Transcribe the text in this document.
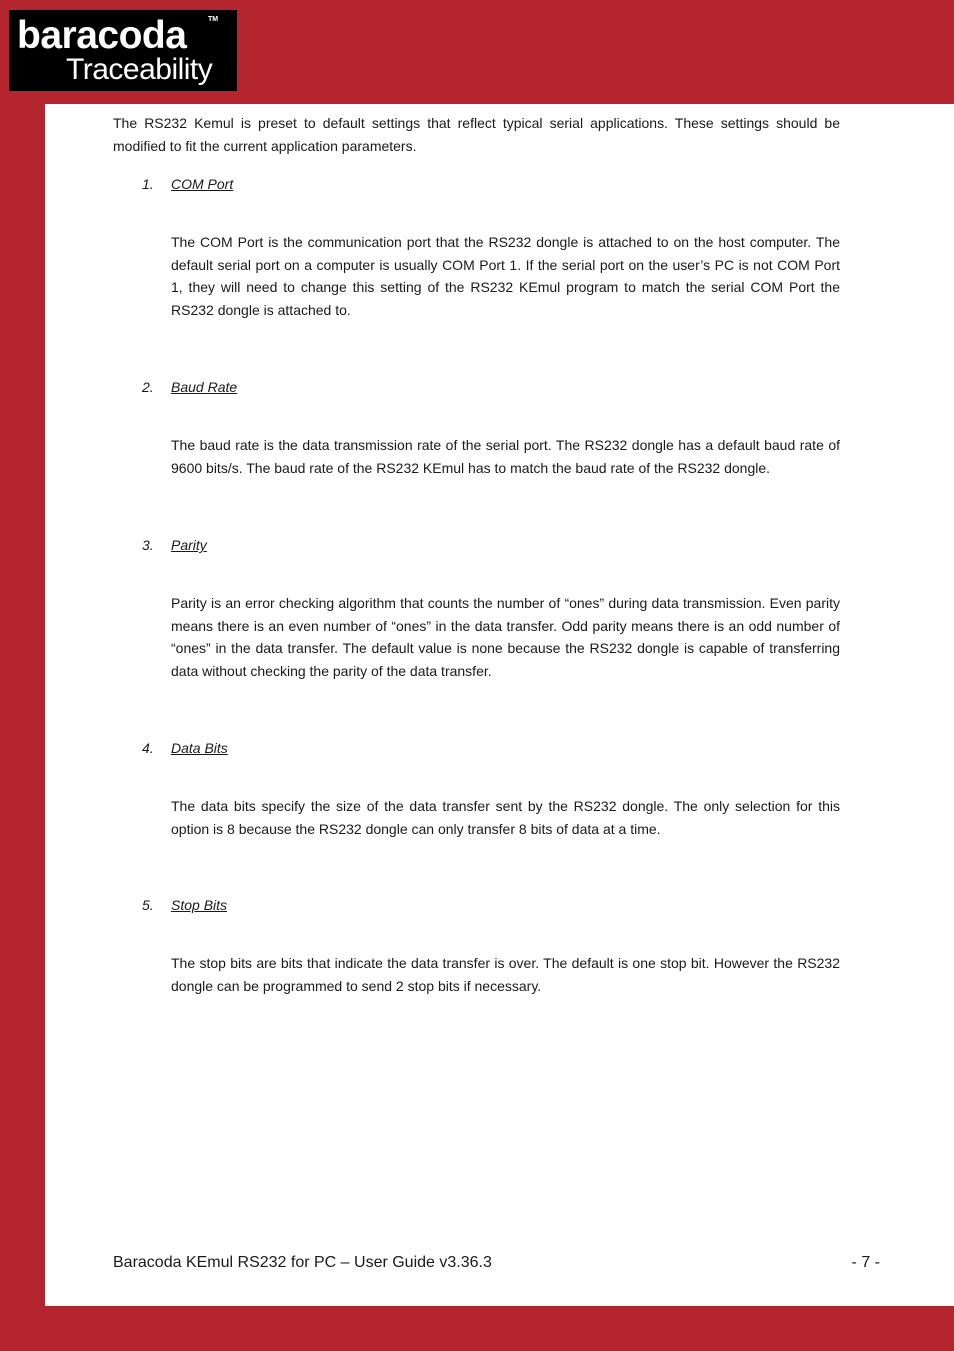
baracoda	TM
Traceability
The RS232 Kemul is preset to default settings that reflect typical serial applications. These settings should be modified to fit the current application parameters.
1. COM Port
The COM Port is the communication port that the RS232 dongle is attached to on the host computer. The default serial port on a computer is usually COM Port 1. If the serial port on the user’s PC is not COM Port 1, they will need to change this setting of the RS232 KEmul program to match the serial COM Port the RS232 dongle is attached to.
2. Baud Rate
The baud rate is the data transmission rate of the serial port. The RS232 dongle has a default baud rate of 9600 bits/s. The baud rate of the RS232 KEmul has to match the baud rate of the RS232 dongle.
3. Parity
Parity is an error checking algorithm that counts the number of “ones” during data transmission. Even parity means there is an even number of “ones” in the data transfer. Odd parity means there is an odd number of “ones” in the data transfer. The default value is none because the RS232 dongle is capable of transferring data without checking the parity of the data transfer.
4. Data Bits
The data bits specify the size of the data transfer sent by the RS232 dongle. The only selection for this option is 8 because the RS232 dongle can only transfer 8 bits of data at a time.
5. Stop Bits
The stop bits are bits that indicate the data transfer is over. The default is one stop bit. However the RS232 dongle can be programmed to send 2 stop bits if necessary.
Baracoda KEmul RS232 for PC – User Guide v3.36.3	- 7 -
